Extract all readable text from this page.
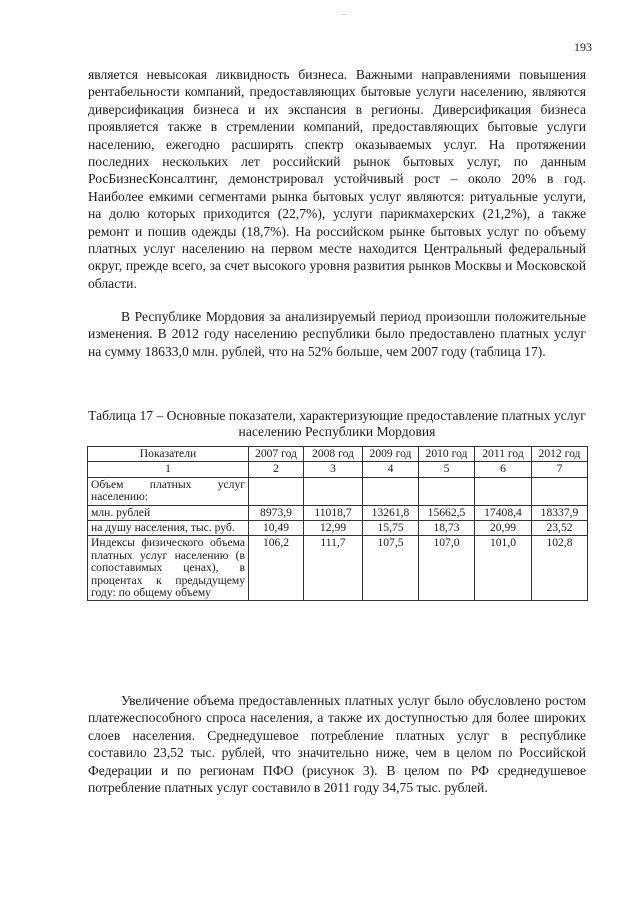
.
193
является невысокая ликвидность бизнеса. Важными направлениями повышения рентабельности компаний, предоставляющих бытовые услуги населению, являются диверсификация бизнеса и их экспансия в регионы. Диверсификация бизнеса проявляется также в стремлении компаний, предоставляющих бытовые услуги населению, ежегодно расширять спектр оказываемых услуг. На протяжении последних нескольких лет российский рынок бытовых услуг, по данным РосБизнесКонсалтинг, демонстрировал устойчивый рост – около 20% в год. Наиболее емкими сегментами рынка бытовых услуг являются: ритуальные услуги, на долю которых приходится (22,7%), услуги парикмахерских (21,2%), а также ремонт и пошив одежды (18,7%). На российском рынке бытовых услуг по объему платных услуг населению на первом месте находится Центральный федеральный округ, прежде всего, за счет высокого уровня развития рынков Москвы и Московской области.
В Республике Мордовия за анализируемый период произошли положительные изменения. В 2012 году населению республики было предоставлено платных услуг на сумму 18633,0 млн. рублей, что на 52% больше, чем 2007 году (таблица 17).
Таблица 17 – Основные показатели, характеризующие предоставление платных услуг населению Республики Мордовия
Показатели	2007 год	2008 год	2009 год	2010 год	2011 год	2012 год
1	2	3	4	5	6	7
Объем платных услуг населению:						
млн. рублей	8973,9	11018,7	13261,8	15662,5	17408,4	18337,9
на душу населения, тыс. руб.	10,49	12,99	15,75	18,73	20,99	23,52
Индексы физического объема платных услуг населению (в сопоставимых ценах), в процентах к предыдущему году: по общему объему	106,2	111,7	107,5	107,0	101,0	102,8
Увеличение объема предоставленных платных услуг было обусловлено ростом платежеспособного спроса населения, а также их доступностью для более широких слоев населения. Среднедушевое потребление платных услуг в республике составило 23,52 тыс. рублей, что значительно ниже, чем в целом по Российской Федерации и по регионам ПФО (рисунок 3). В целом по РФ среднедушевое потребление платных услуг составило в 2011 году 34,75 тыс. рублей.
